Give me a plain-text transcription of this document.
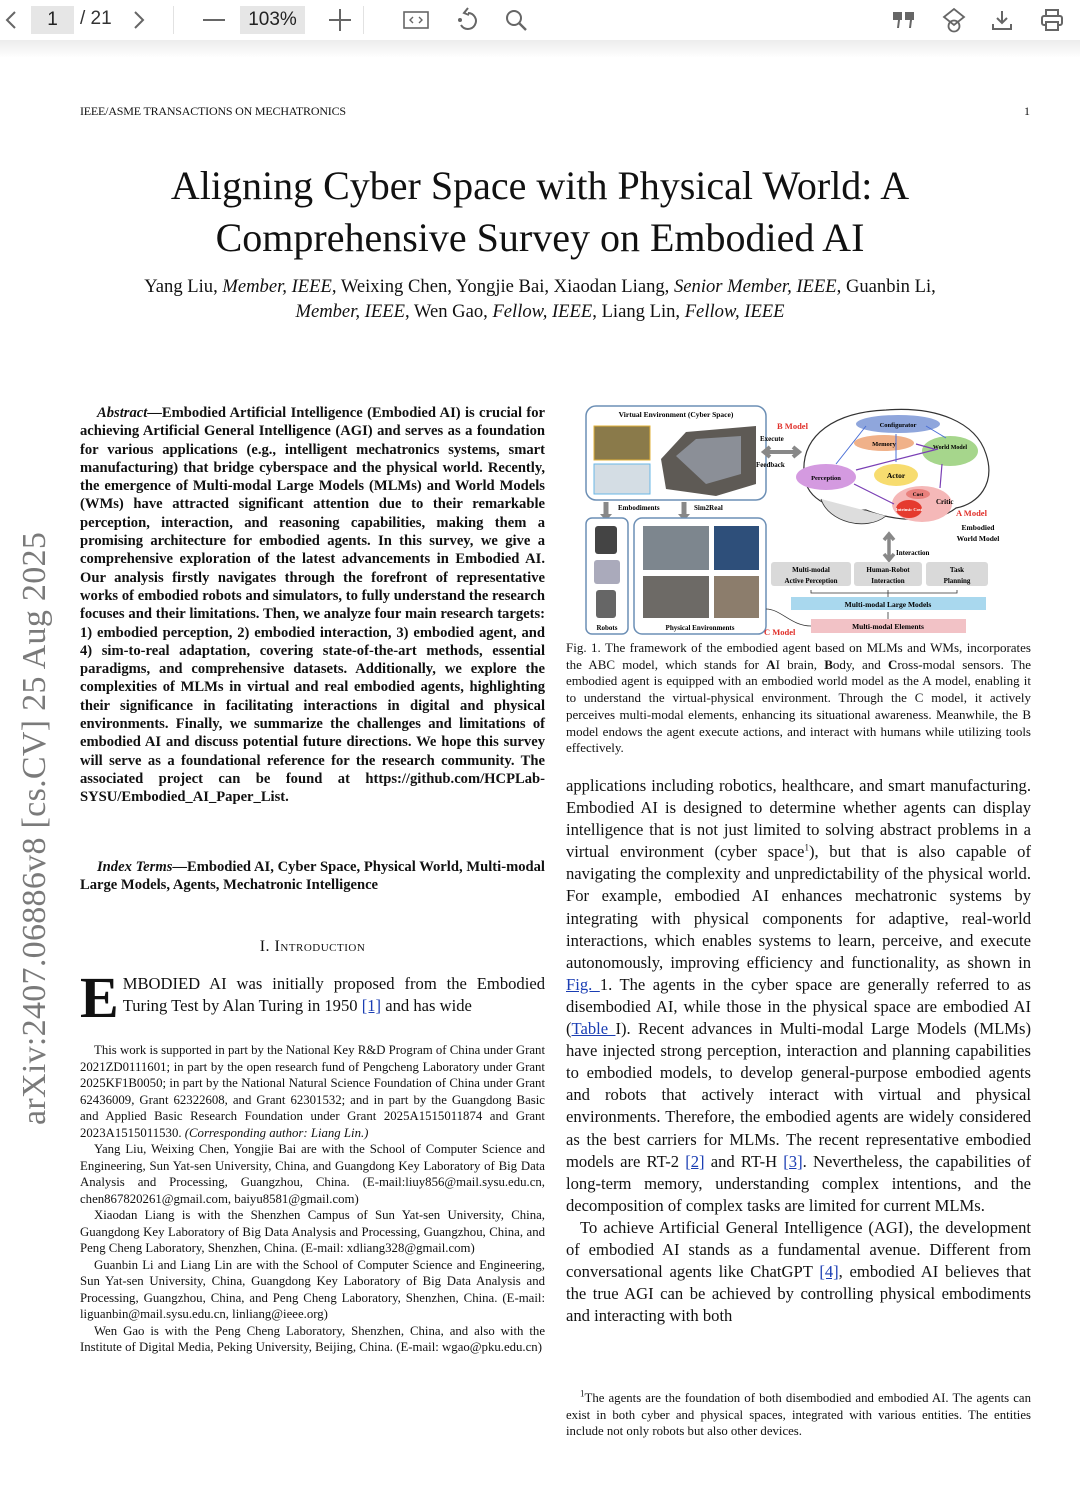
1	/ 21	103%
IEEE/ASME TRANSACTIONS ON MECHATRONICS	1
Aligning Cyber Space with Physical World: A
Comprehensive Survey on Embodied AI
Yang Liu, Member, IEEE, Weixing Chen, Yongjie Bai, Xiaodan Liang, Senior Member, IEEE, Guanbin Li,
Member, IEEE, Wen Gao, Fellow, IEEE, Liang Lin, Fellow, IEEE
arXiv:2407.06886v8 [cs.CV] 25 Aug 2025

Abstract—Embodied Artificial Intelligence (Embodied AI) is crucial for achieving Artificial General Intelligence (AGI) and serves as a foundation for various applications (e.g., intelligent mechatronics systems, smart manufacturing) that bridge cyberspace and the physical world. Recently, the emergence of Multi-modal Large Models (MLMs) and World Models (WMs) have attracted significant attention due to their remarkable perception, interaction, and reasoning capabilities, making them a promising architecture for embodied agents. In this survey, we give a comprehensive exploration of the latest advancements in Embodied AI. Our analysis firstly navigates through the forefront of representative works of embodied robots and simulators, to fully understand the research focuses and their limitations. Then, we analyze four main research targets: 1) embodied perception, 2) embodied interaction, 3) embodied agent, and 4) sim-to-real adaptation, covering state-of-the-art methods, essential paradigms, and comprehensive datasets. Additionally, we explore the complexities of MLMs in virtual and real embodied agents, highlighting their significance in facilitating interactions in digital and physical environments. Finally, we summarize the challenges and limitations of embodied AI and discuss potential future directions. We hope this survey will serve as a foundational reference for the research community. The associated project can be found at https://github.com/HCPLab-SYSU/Embodied_AI_Paper_List.

Index Terms—Embodied AI, Cyber Space, Physical World, Multi-modal Large Models, Agents, Mechatronic Intelligence

I. Introduction
EMBODIED AI was initially proposed from the Embodied Turing Test by Alan Turing in 1950 [1] and has wide

This work is supported in part by the National Key R&D Program of China under Grant 2021ZD0111601; in part by the open research fund of Pengcheng Laboratory under Grant 2025KF1B0050; in part by the National Natural Science Foundation of China under Grant 62436009, Grant 62322608, and Grant 62301532; and in part by the Guangdong Basic and Applied Basic Research Foundation under Grant 2025A1515011874 and Grant 2023A1515011530. (Corresponding author: Liang Lin.)

Yang Liu, Weixing Chen, Yongjie Bai are with the School of Computer Science and Engineering, Sun Yat-sen University, China, and Guangdong Key Laboratory of Big Data Analysis and Processing, Guangzhou, China. (E-mail:liuy856@mail.sysu.edu.cn, chen867820261@gmail.com, baiyu8581@gmail.com)

Xiaodan Liang is with the Shenzhen Campus of Sun Yat-sen University, China, Guangdong Key Laboratory of Big Data Analysis and Processing, Guangzhou, China, and Peng Cheng Laboratory, Shenzhen, China. (E-mail: xdliang328@gmail.com)

Guanbin Li and Liang Lin are with the School of Computer Science and Engineering, Sun Yat-sen University, China, Guangdong Key Laboratory of Big Data Analysis and Processing, Guangzhou, China, and Peng Cheng Laboratory, Shenzhen, China. (E-mail: liguanbin@mail.sysu.edu.cn, linliang@ieee.org)

Wen Gao is with the Peng Cheng Laboratory, Shenzhen, China, and also with the Institute of Digital Media, Peking University, Beijing, China. (E-mail: wgao@pku.edu.cn)

Virtual Environment (Cyber Space)
B Model
Execute
Feedback
Embodiments	Sim2Real
Robots	Physical Environments	C Model
Configurator
Memory	World Model
Perception	Actor
Cost
Intrinsic Cost
Critic
A Model
Embodied
World Model
Interaction
Multi-modal
Active Perception
Human-Robot
Interaction
Task
Planning
Multi-modal Large Models
Multi-modal Elements
Fig. 1. The framework of the embodied agent based on MLMs and WMs, incorporates the ABC model, which stands for AI brain, Body, and Cross-modal sensors. The embodied agent is equipped with an embodied world model as the A model, enabling it to understand the virtual-physical environment. Through the C model, it actively perceives multi-modal elements, enhancing its situational awareness. Meanwhile, the B model endows the agent execute actions, and interact with humans while utilizing tools effectively.

applications including robotics, healthcare, and smart manufacturing. Embodied AI is designed to determine whether agents can display intelligence that is not just limited to solving abstract problems in a virtual environment (cyber space$^1$), but that is also capable of navigating the complexity and unpredictability of the physical world. For example, embodied AI enhances mechatronic systems by integrating with physical components for adaptive, real-world interactions, which enables systems to learn, perceive, and execute autonomously, improving efficiency and functionality, as shown in Fig. 1. The agents in the cyber space are generally referred to as disembodied AI, while those in the physical space are embodied AI (Table I). Recent advances in Multi-modal Large Models (MLMs) have injected strong perception, interaction and planning capabilities to embodied models, to develop general-purpose embodied agents and robots that actively interact with virtual and physical environments. Therefore, the embodied agents are widely considered as the best carriers for MLMs. The recent representative embodied models are RT-2 [2] and RT-H [3]. Nevertheless, the capabilities of long-term memory, understanding complex intentions, and the decomposition of complex tasks are limited for current MLMs.

To achieve Artificial General Intelligence (AGI), the development of embodied AI stands as a fundamental avenue. Different from conversational agents like ChatGPT [4], embodied AI believes that the true AGI can be achieved by controlling physical embodiments and interacting with both

$^1$The agents are the foundation of both disembodied and embodied AI. The agents can exist in both cyber and physical spaces, integrated with various entities. The entities include not only robots but also other devices.
